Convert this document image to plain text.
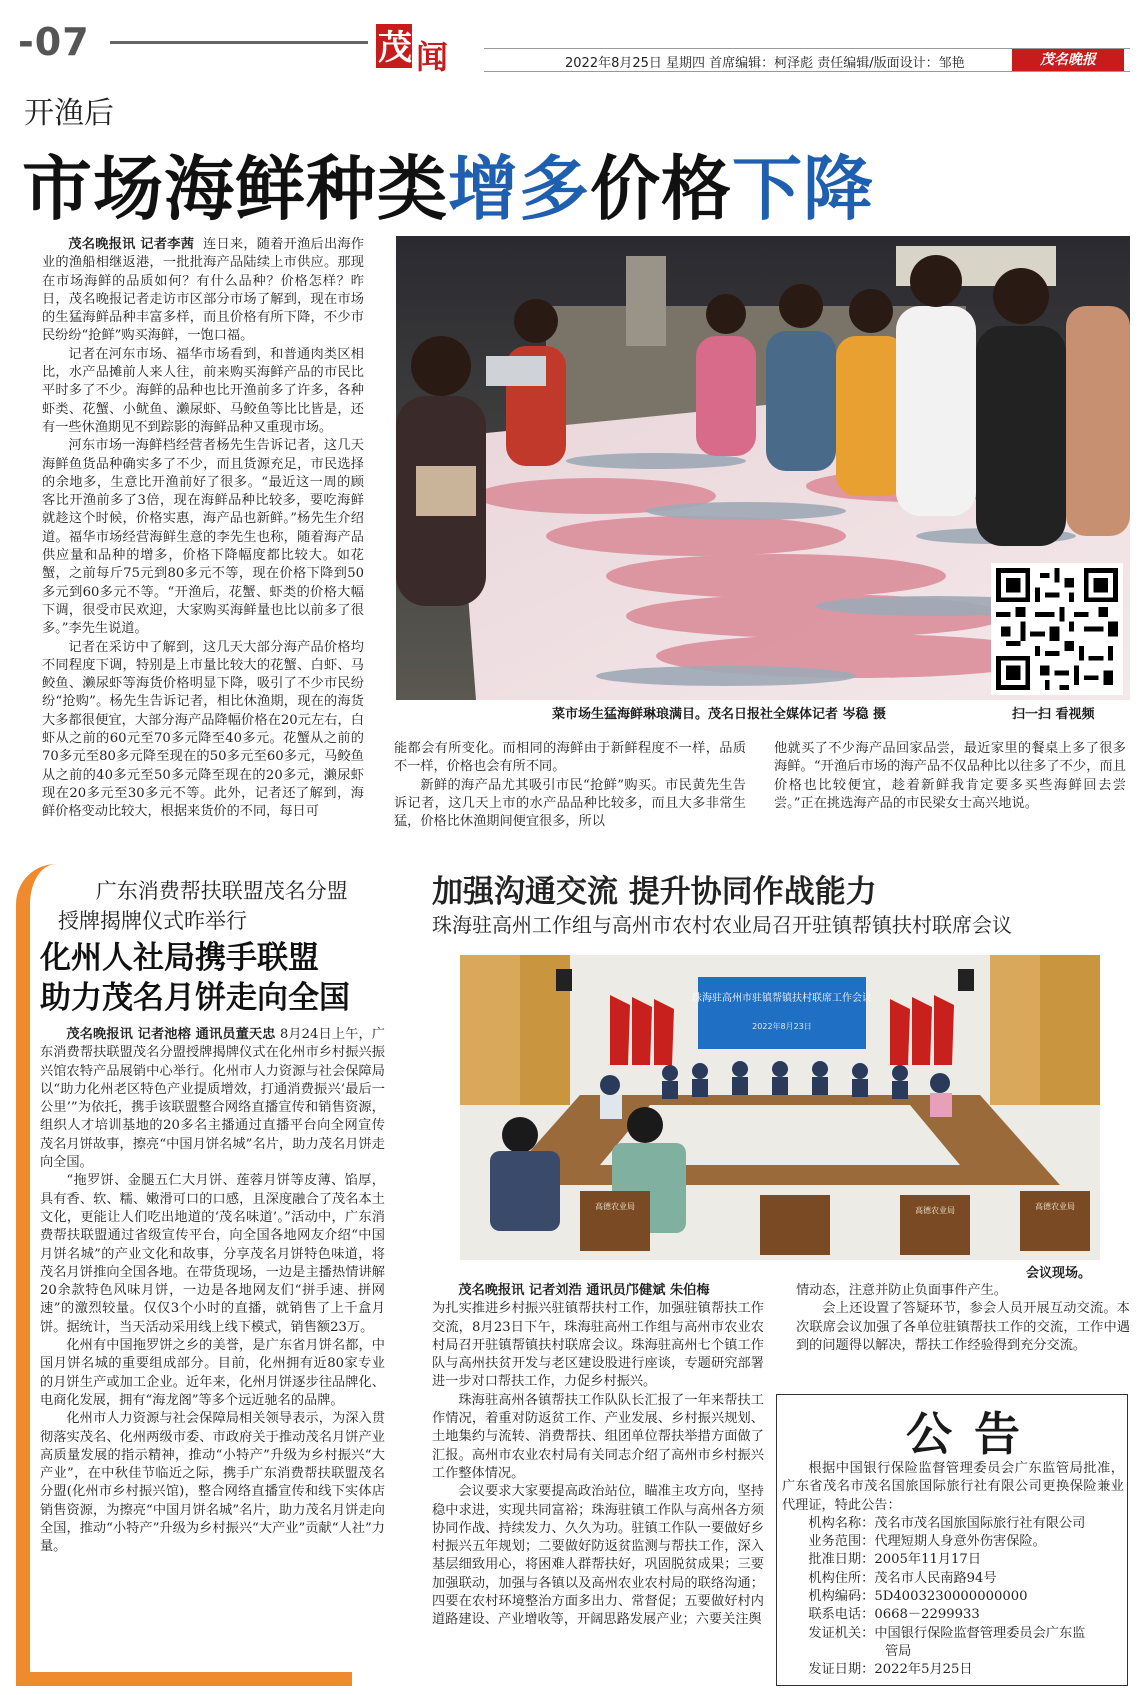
-07	茂 闻	2022年8月25日 星期四 首席编辑：柯泽彪 责任编辑/版面设计：邹艳	茂名晚报
开渔后
市场海鲜种类增多价格下降

茂名晚报讯 记者李茜 连日来，随着开渔后出海作业的渔船相继返港，一批批海产品陆续上市供应。那现在市场海鲜的品质如何？有什么品种？价格怎样？昨日，茂名晚报记者走访市区部分市场了解到，现在市场的生猛海鲜品种丰富多样，而且价格有所下降，不少市民纷纷“抢鲜”购买海鲜，一饱口福。

记者在河东市场、福华市场看到，和普通肉类区相比，水产品摊前人来人往，前来购买海鲜产品的市民比平时多了不少。海鲜的品种也比开渔前多了许多，各种虾类、花蟹、小鱿鱼、濑尿虾、马鲛鱼等比比皆是，还有一些休渔期见不到踪影的海鲜品种又重现市场。

河东市场一海鲜档经营者杨先生告诉记者，这几天海鲜鱼货品种确实多了不少，而且货源充足，市民选择的余地多，生意比开渔前好了很多。“最近这一周的顾客比开渔前多了3倍，现在海鲜品种比较多，要吃海鲜就趁这个时候，价格实惠，海产品也新鲜。”杨先生介绍道。福华市场经营海鲜生意的李先生也称，随着海产品供应量和品种的增多，价格下降幅度都比较大。如花蟹，之前每斤75元到80多元不等，现在价格下降到50多元到60多元不等。“开渔后，花蟹、虾类的价格大幅下调，很受市民欢迎，大家购买海鲜量也比以前多了很多。”李先生说道。

记者在采访中了解到，这几天大部分海产品价格均不同程度下调，特别是上市量比较大的花蟹、白虾、马鲛鱼、濑尿虾等海货价格明显下降，吸引了不少市民纷纷“抢购”。杨先生告诉记者，相比休渔期，现在的海货大多都很便宜，大部分海产品降幅价格在20元左右，白虾从之前的60元至70多元降至40多元。花蟹从之前的70多元至80多元降至现在的50多元至60多元，马鲛鱼从之前的40多元至50多元降至现在的20多元，濑尿虾现在20多元至30多元不等。此外，记者还了解到，海鲜价格变动比较大，根据来货价的不同，每日可

能都会有所变化。而相同的海鲜由于新鲜程度不一样，品质不一样，价格也会有所不同。

新鲜的海产品尤其吸引市民“抢鲜”购买。市民黄先生告诉记者，这几天上市的水产品品种比较多，而且大多非常生猛，价格比休渔期间便宜很多，所以

他就买了不少海产品回家品尝，最近家里的餐桌上多了很多海鲜。“开渔后市场的海产品不仅品种比以往多了不少，而且价格也比较便宜，趁着新鲜我肯定要多买些海鲜回去尝尝。”正在挑选海产品的市民梁女士高兴地说。

菜市场生猛海鲜琳琅满目。茂名日报社全媒体记者 岑稳 摄	扫一扫 看视频
广东消费帮扶联盟茂名分盟
授牌揭牌仪式昨举行
化州人社局携手联盟
助力茂名月饼走向全国

茂名晚报讯 记者池榕 通讯员董天忠 8月24日上午，广东消费帮扶联盟茂名分盟授牌揭牌仪式在化州市乡村振兴振兴馆农特产品展销中心举行。化州市人力资源与社会保障局以“助力化州老区特色产业提质增效，打通消费振兴‘最后一公里’”为依托，携手该联盟整合网络直播宣传和销售资源，组织人才培训基地的20多名主播通过直播平台向全网宣传茂名月饼故事，擦亮“中国月饼名城”名片，助力茂名月饼走向全国。

“拖罗饼、金腿五仁大月饼、莲蓉月饼等皮薄、馅厚，具有香、软、糯、嫩滑可口的口感，且深度融合了茂名本土文化，更能让人们吃出地道的‘茂名味道’。”活动中，广东消费帮扶联盟通过省级宣传平台，向全国各地网友介绍“中国月饼名城”的产业文化和故事，分享茂名月饼特色味道，将茂名月饼推向全国各地。在带货现场，一边是主播热情讲解20余款特色风味月饼，一边是各地网友们“拼手速、拼网速”的激烈较量。仅仅3个小时的直播，就销售了上千盒月饼。据统计，当天活动采用线上线下模式，销售额23万。

化州有中国拖罗饼之乡的美誉，是广东省月饼名都，中国月饼名城的重要组成部分。目前，化州拥有近80家专业的月饼生产或加工企业。近年来，化州月饼逐步往品牌化、电商化发展，拥有“海龙阁”等多个远近驰名的品牌。

化州市人力资源与社会保障局相关领导表示，为深入贯彻落实茂名、化州两级市委、市政府关于推动茂名月饼产业高质量发展的指示精神，推动“小特产”升级为乡村振兴“大产业”，在中秋佳节临近之际，携手广东消费帮扶联盟茂名分盟(化州市乡村振兴馆)，整合网络直播宣传和线下实体店销售资源，为擦亮“中国月饼名城”名片，助力茂名月饼走向全国，推动“小特产”升级为乡村振兴“大产业”贡献“人社”力量。

加强沟通交流 提升协同作战能力
珠海驻高州工作组与高州市农村农业局召开驻镇帮镇扶村联席会议
珠海驻高州市驻镇帮镇扶村联席工作会议
2022年8月23日
高德农业局	高德农业局	高德农业局
会议现场。

茂名晚报讯 记者刘浩 通讯员邝健斌 朱伯梅

为扎实推进乡村振兴驻镇帮扶村工作，加强驻镇帮扶工作交流，8月23日下午，珠海驻高州工作组与高州市农业农村局召开驻镇帮镇扶村联席会议。珠海驻高州七个镇工作队与高州扶贫开发与老区建设股进行座谈，专题研究部署进一步对口帮扶工作，力促乡村振兴。

珠海驻高州各镇帮扶工作队队长汇报了一年来帮扶工作情况，着重对防返贫工作、产业发展、乡村振兴规划、土地集约与流转、消费帮扶、组团单位帮扶举措方面做了汇报。高州市农业农村局有关同志介绍了高州市乡村振兴工作整体情况。

会议要求大家要提高政治站位，瞄准主攻方向，坚持稳中求进，实现共同富裕；珠海驻镇工作队与高州各方须协同作战、持续发力、久久为功。驻镇工作队一要做好乡村振兴五年规划；二要做好防返贫监测与帮扶工作，深入基层细致用心，将困难人群帮扶好，巩固脱贫成果；三要加强联动，加强与各镇以及高州农业农村局的联络沟通；四要在农村环境整治方面多出力、常督促；五要做好村内道路建设、产业增收等，开阔思路发展产业；六要关注舆

情动态，注意并防止负面事件产生。

会上还设置了答疑环节，参会人员开展互动交流。本次联席会议加强了各单位驻镇帮扶工作的交流，工作中遇到的问题得以解决，帮扶工作经验得到充分交流。

公告

根据中国银行保险监督管理委员会广东监管局批准，广东省茂名市茂名国旅国际旅行社有限公司更换保险兼业代理证，特此公告：

机构名称：茂名市茂名国旅国际旅行社有限公司
业务范围：代理短期人身意外伤害保险。
批准日期：2005年11月17日
机构住所：茂名市人民南路94号
机构编码：5D4003230000000000
联系电话：0668－2299933
发证机关：中国银行保险监督管理委员会广东监
管局
发证日期：2022年5月25日
